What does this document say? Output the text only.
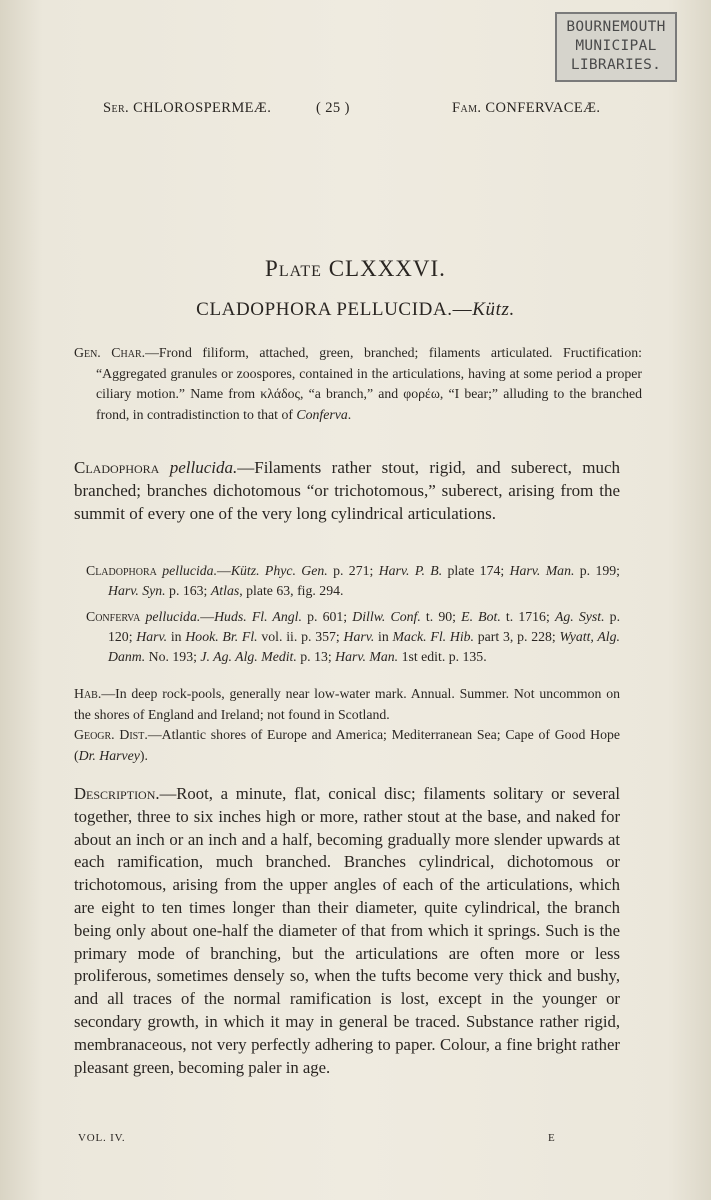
BOURNEMOUTH
MUNICIPAL
LIBRARIES.
Ser. CHLOROSPERMEÆ.	( 25 )	Fam. CONFERVACEÆ.
Plate CLXXXVI.
CLADOPHORA PELLUCIDA.—Kütz.
Gen. Char.—Frond filiform, attached, green, branched; filaments articulated. Fructification: “Aggregated granules or zoospores, contained in the articulations, having at some period a proper ciliary motion.” Name from κλάδος, “a branch,” and φορέω, “I bear;” alluding to the branched frond, in contradistinction to that of Conferva.
Cladophora pellucida.—Filaments rather stout, rigid, and suberect, much branched; branches dichotomous “or trichotomous,” suberect, arising from the summit of every one of the very long cylindrical articulations.

Cladophora pellucida.—Kütz. Phyc. Gen. p. 271; Harv. P. B. plate 174; Harv. Man. p. 199; Harv. Syn. p. 163; Atlas, plate 63, fig. 294.

Conferva pellucida.—Huds. Fl. Angl. p. 601; Dillw. Conf. t. 90; E. Bot. t. 1716; Ag. Syst. p. 120; Harv. in Hook. Br. Fl. vol. ii. p. 357; Harv. in Mack. Fl. Hib. part 3, p. 228; Wyatt, Alg. Danm. No. 193; J. Ag. Alg. Medit. p. 13; Harv. Man. 1st edit. p. 135.

Hab.—In deep rock-pools, generally near low-water mark. Annual. Summer. Not uncommon on the shores of England and Ireland; not found in Scotland.
Geogr. Dist.—Atlantic shores of Europe and America; Mediterranean Sea; Cape of Good Hope (Dr. Harvey).
Description.—Root, a minute, flat, conical disc; filaments solitary or several together, three to six inches high or more, rather stout at the base, and naked for about an inch or an inch and a half, becoming gradually more slender upwards at each ramification, much branched. Branches cylindrical, dichotomous or trichotomous, arising from the upper angles of each of the articulations, which are eight to ten times longer than their diameter, quite cylindrical, the branch being only about one-half the diameter of that from which it springs. Such is the primary mode of branching, but the articulations are often more or less proliferous, sometimes densely so, when the tufts become very thick and bushy, and all traces of the normal ramification is lost, except in the younger or secondary growth, in which it may in general be traced. Substance rather rigid, membranaceous, not very perfectly adhering to paper. Colour, a fine bright rather pleasant green, becoming paler in age.
VOL. IV.	E
